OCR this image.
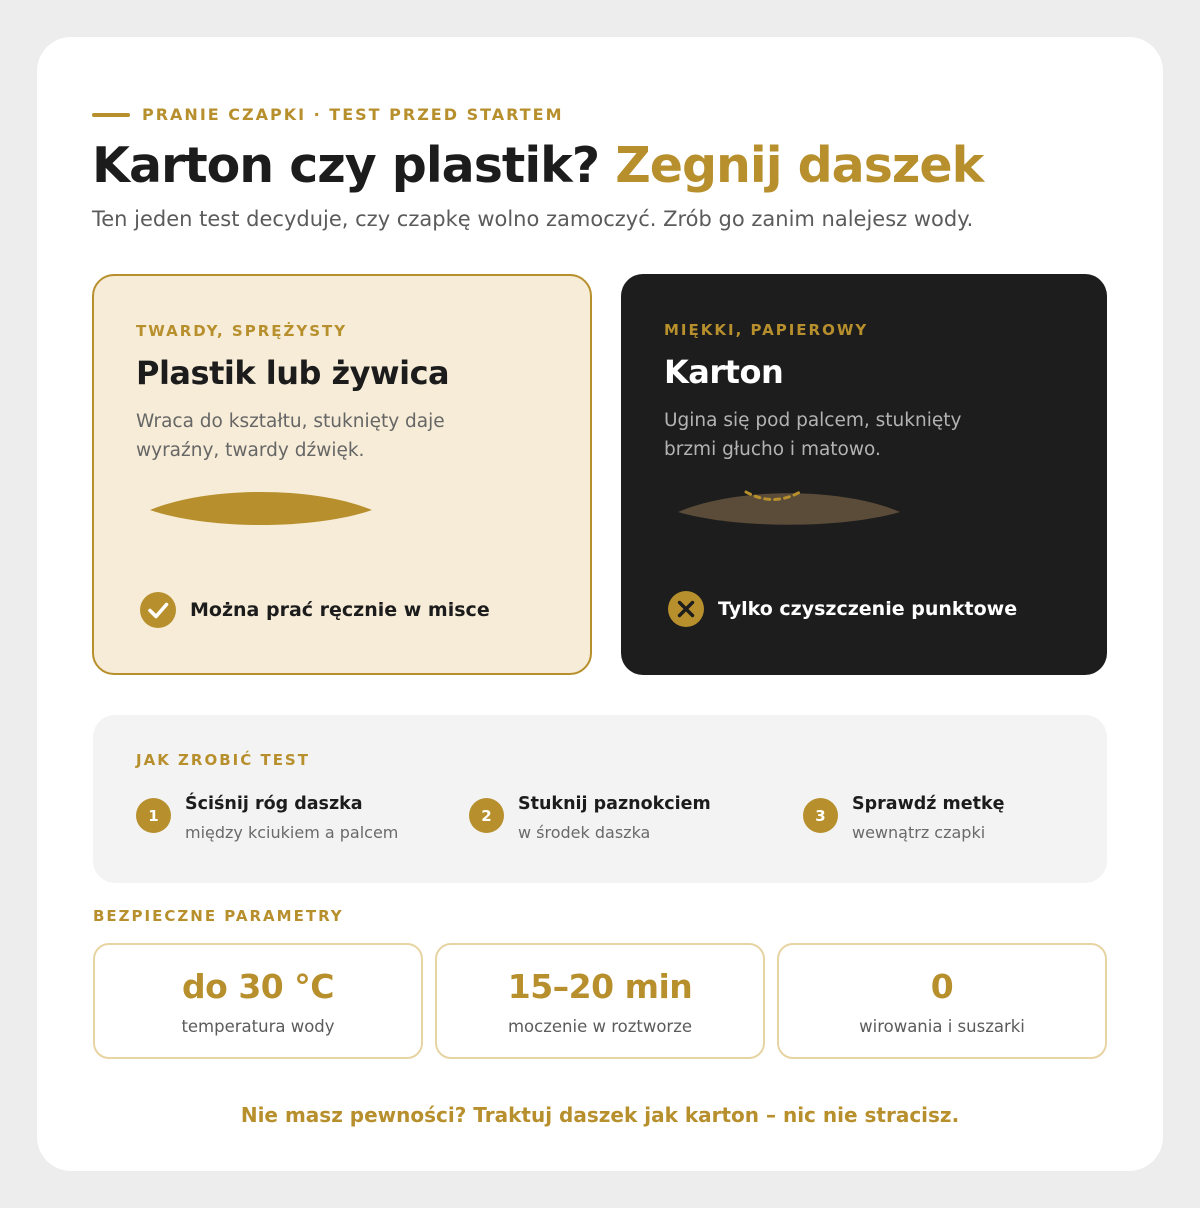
PRANIE CZAPKI · TEST PRZED STARTEM
Karton czy plastik? Zegnij daszek

Ten jeden test decyduje, czy czapkę wolno zamoczyć. Zrób go zanim nalejesz wody.

TWARDY, SPRĘŻYSTY
Plastik lub żywica
Wraca do kształtu, stuknięty daje wyraźny, twardy dźwięk.
Można prać ręcznie w misce
MIĘKKI, PAPIEROWY
Karton
Ugina się pod palcem, stuknięty brzmi głucho i matowo.
Tylko czyszczenie punktowe
JAK ZROBIĆ TEST
1
Ściśnij róg daszka
między kciukiem a palcem
2
Stuknij paznokciem
w środek daszka
3
Sprawdź metkę
wewnątrz czapki
BEZPIECZNE PARAMETRY
do 30 °C
temperatura wody
15–20 min
moczenie w roztworze
0
wirowania i suszarki
Nie masz pewności? Traktuj daszek jak karton – nic nie stracisz.
